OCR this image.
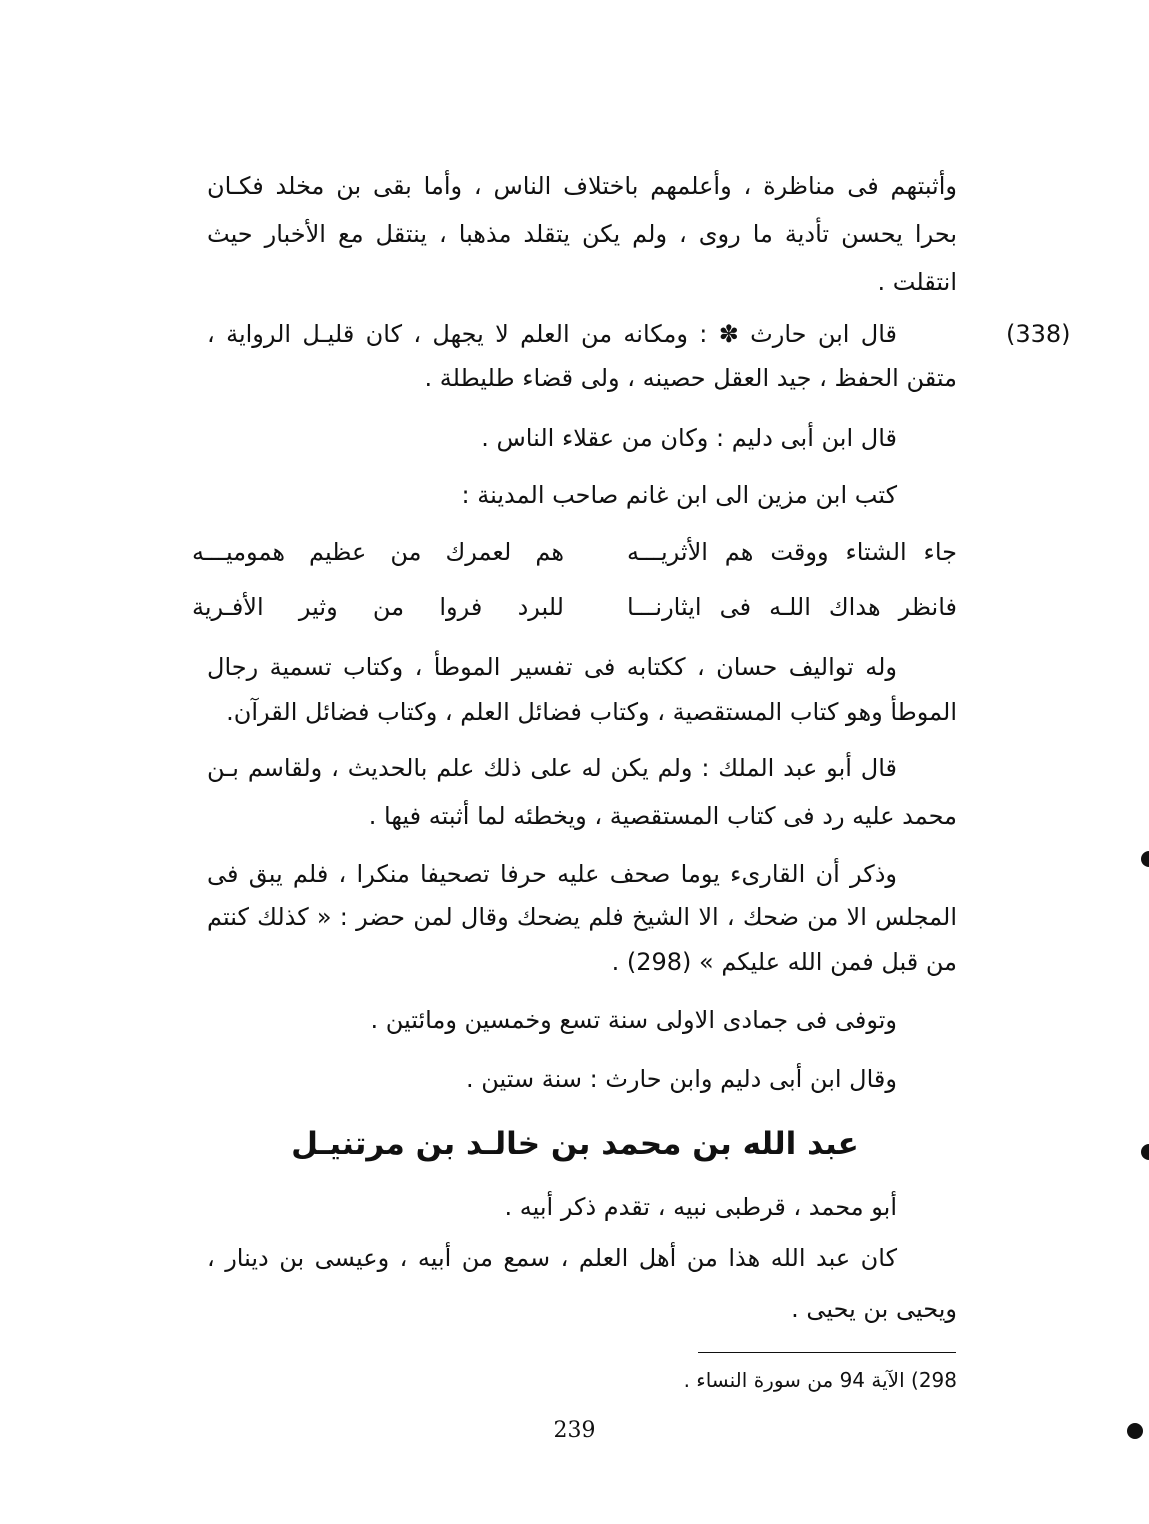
وأثبتهم فى مناظرة ، وأعلمهم باختلاف الناس ، وأما بقى بن مخلد فكـان
بحرا يحسن تأدية ما روى ، ولم يكن يتقلد مذهبا ، ينتقل مع الأخبار حيث
انتقلت .
(338)
قال ابن حارث ✽ : ومكانه من العلم لا يجهل ، كان قليـل الرواية ،
متقن الحفظ ، جيد العقل حصينه ، ولى قضاء طليطلة .
قال ابن أبى دليم : وكان من عقلاء الناس .
كتب ابن مزين الى ابن غانم صاحب المدينة :
جاء الشتاء ووقت هم الأثريـــه
هم لعمرك من عظيم هموميـــه
فانظر هداك اللـه فى ايثارنـــا
للبرد فروا من وثير الأفـرية
وله تواليف حسان ، ككتابه فى تفسير الموطأ ، وكتاب تسمية رجال
الموطأ وهو كتاب المستقصية ، وكتاب فضائل العلم ، وكتاب فضائل القرآن.
قال أبو عبد الملك : ولم يكن له على ذلك علم بالحديث ، ولقاسم بـن
محمد عليه رد فى كتاب المستقصية ، ويخطئه لما أثبته فيها .
وذكر أن القارىء يوما صحف عليه حرفا تصحيفا منكرا ، فلم يبق فى
المجلس الا من ضحك ، الا الشيخ فلم يضحك وقال لمن حضر : « كذلك كنتم
من قبل فمن الله عليكم » (298) .
وتوفى فى جمادى الاولى سنة تسع وخمسين ومائتين .
وقال ابن أبى دليم وابن حارث : سنة ستين .
عبد الله بن محمد بن خالـد بن مرتنيـل
أبو محمد ، قرطبى نبيه ، تقدم ذكر أبيه .
كان عبد الله هذا من أهل العلم ، سمع من أبيه ، وعيسى بن دينار ،
ويحيى بن يحيى .
298) الآية 94 من سورة النساء .
239
